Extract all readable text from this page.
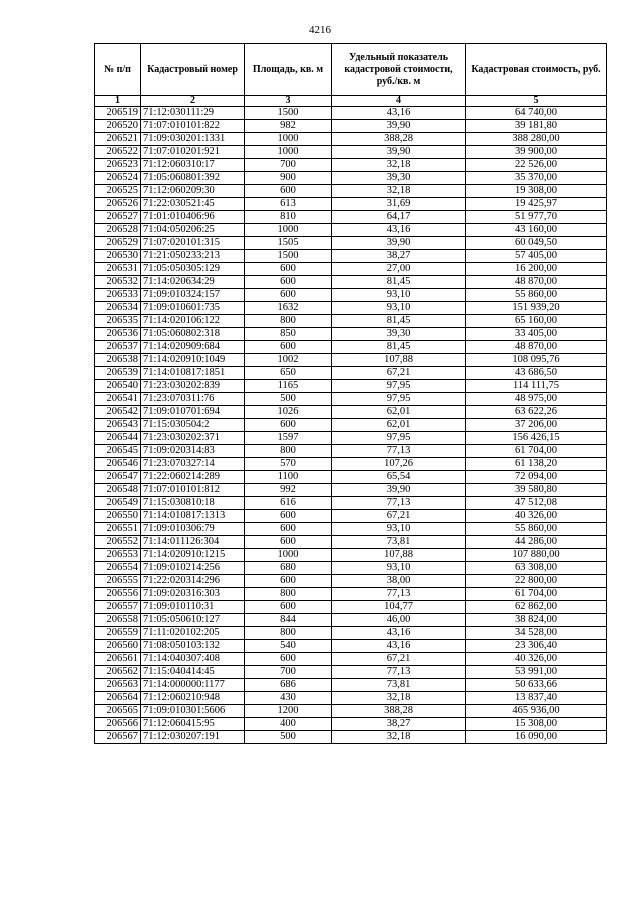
4216
№ п/п	Кадастровый номер	Площадь, кв. м	Удельный показатель кадастровой стоимости, руб./кв. м	Кадастровая стоимость, руб.
1	2	3	4	5
206519	71:12:030111:29	1500	43,16	64 740,00
206520	71:07:010101:822	982	39,90	39 181,80
206521	71:09:030201:1331	1000	388,28	388 280,00
206522	71:07:010201:921	1000	39,90	39 900,00
206523	71:12:060310:17	700	32,18	22 526,00
206524	71:05:060801:392	900	39,30	35 370,00
206525	71:12:060209:30	600	32,18	19 308,00
206526	71:22:030521:45	613	31,69	19 425,97
206527	71:01:010406:96	810	64,17	51 977,70
206528	71:04:050206:25	1000	43,16	43 160,00
206529	71:07:020101:315	1505	39,90	60 049,50
206530	71:21:050233:213	1500	38,27	57 405,00
206531	71:05:050305:129	600	27,00	16 200,00
206532	71:14:020634:29	600	81,45	48 870,00
206533	71:09:010324:157	600	93,10	55 860,00
206534	71:09:010601:735	1632	93,10	151 939,20
206535	71:14:020106:122	800	81,45	65 160,00
206536	71:05:060802:318	850	39,30	33 405,00
206537	71:14:020909:684	600	81,45	48 870,00
206538	71:14:020910:1049	1002	107,88	108 095,76
206539	71:14:010817:1851	650	67,21	43 686,50
206540	71:23:030202:839	1165	97,95	114 111,75
206541	71:23:070311:76	500	97,95	48 975,00
206542	71:09:010701:694	1026	62,01	63 622,26
206543	71:15:030504:2	600	62,01	37 206,00
206544	71:23:030202:371	1597	97,95	156 426,15
206545	71:09:020314:83	800	77,13	61 704,00
206546	71:23:070327:14	570	107,26	61 138,20
206547	71:22:060214:289	1100	65,54	72 094,00
206548	71:07:010101:812	992	39,90	39 580,80
206549	71:15:030810:18	616	77,13	47 512,08
206550	71:14:010817:1313	600	67,21	40 326,00
206551	71:09:010306:79	600	93,10	55 860,00
206552	71:14:011126:304	600	73,81	44 286,00
206553	71:14:020910:1215	1000	107,88	107 880,00
206554	71:09:010214:256	680	93,10	63 308,00
206555	71:22:020314:296	600	38,00	22 800,00
206556	71:09:020316:303	800	77,13	61 704,00
206557	71:09:010110:31	600	104,77	62 862,00
206558	71:05:050610:127	844	46,00	38 824,00
206559	71:11:020102:205	800	43,16	34 528,00
206560	71:08:050103:132	540	43,16	23 306,40
206561	71:14:040307:408	600	67,21	40 326,00
206562	71:15:040414:45	700	77,13	53 991,00
206563	71:14:000000:1177	686	73,81	50 633,66
206564	71:12:060210:948	430	32,18	13 837,40
206565	71:09:010301:5606	1200	388,28	465 936,00
206566	71:12:060415:95	400	38,27	15 308,00
206567	71:12:030207:191	500	32,18	16 090,00
